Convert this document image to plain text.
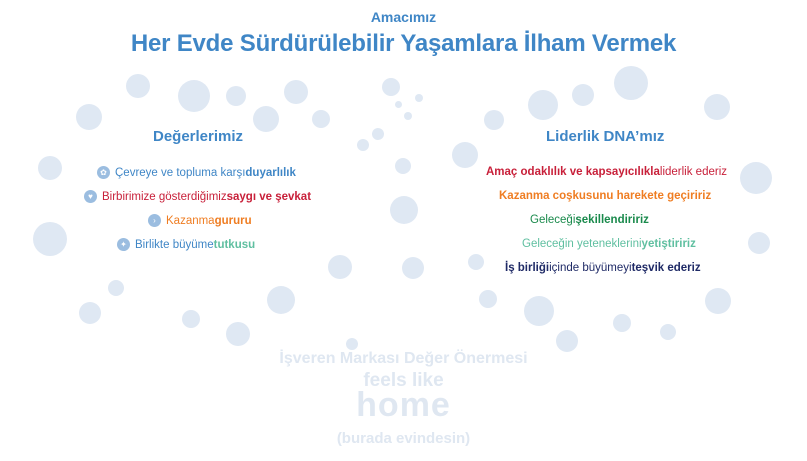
Amacımız
Her Evde Sürdürülebilir Yaşamlara İlham Vermek
Değerlerimiz
✿ Çevreye ve topluma karşı duyarlılık
♥ Birbirimize gösterdiğimiz saygı ve şevkat
› Kazanma gururu
✦ Birlikte büyüme tutkusu
Liderlik DNA’mız
Amaç odaklılık ve kapsayıcılıkla liderlik ederiz
Kazanma coşkusunu harekete geçiririz
Geleceği şekillendiririz
Geleceğin yeteneklerini yetiştiririz
İş birliği içinde büyümeyi teşvik ederiz
İşveren Markası Değer Önermesi
feels like
home
(burada evindesin)
